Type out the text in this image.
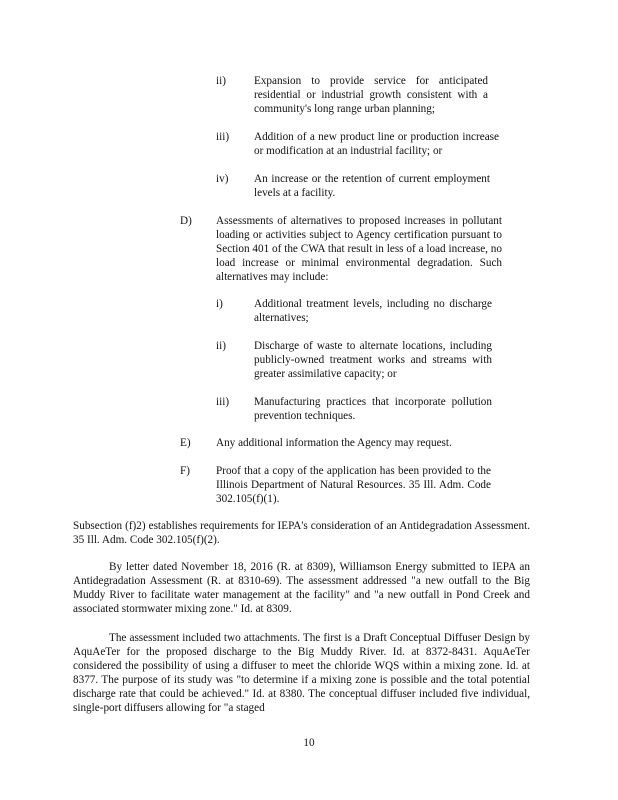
ii)	Expansion to provide service for anticipated residential or industrial growth consistent with a community's long range urban planning;
iii) Addition of a new product line or production increase or modification at an industrial facility; or
iv) An increase or the retention of current employment levels at a facility.
D) Assessments of alternatives to proposed increases in pollutant loading or activities subject to Agency certification pursuant to Section 401 of the CWA that result in less of a load increase, no load increase or minimal environmental degradation. Such alternatives may include:
i)	Additional treatment levels, including no discharge alternatives;
ii)	Discharge of waste to alternate locations, including publicly-owned treatment works and streams with greater assimilative capacity; or
iii) Manufacturing practices that incorporate pollution prevention techniques.
E) Any additional information the Agency may request.
F) Proof that a copy of the application has been provided to the Illinois Department of Natural Resources. 35 Ill. Adm. Code 302.105(f)(1).
Subsection (f)2) establishes requirements for IEPA's consideration of an Antidegradation Assessment. 35 Ill. Adm. Code 302.105(f)(2).
By letter dated November 18, 2016 (R. at 8309), Williamson Energy submitted to IEPA an Antidegradation Assessment (R. at 8310-69). The assessment addressed "a new outfall to the Big Muddy River to facilitate water management at the facility" and "a new outfall in Pond Creek and associated stormwater mixing zone." Id. at 8309.
The assessment included two attachments. The first is a Draft Conceptual Diffuser Design by AquAeTer for the proposed discharge to the Big Muddy River. Id. at 8372-8431. AquAeTer considered the possibility of using a diffuser to meet the chloride WQS within a mixing zone. Id. at 8377. The purpose of its study was "to determine if a mixing zone is possible and the total potential discharge rate that could be achieved." Id. at 8380. The conceptual diffuser included five individual, single-port diffusers allowing for "a staged
10
